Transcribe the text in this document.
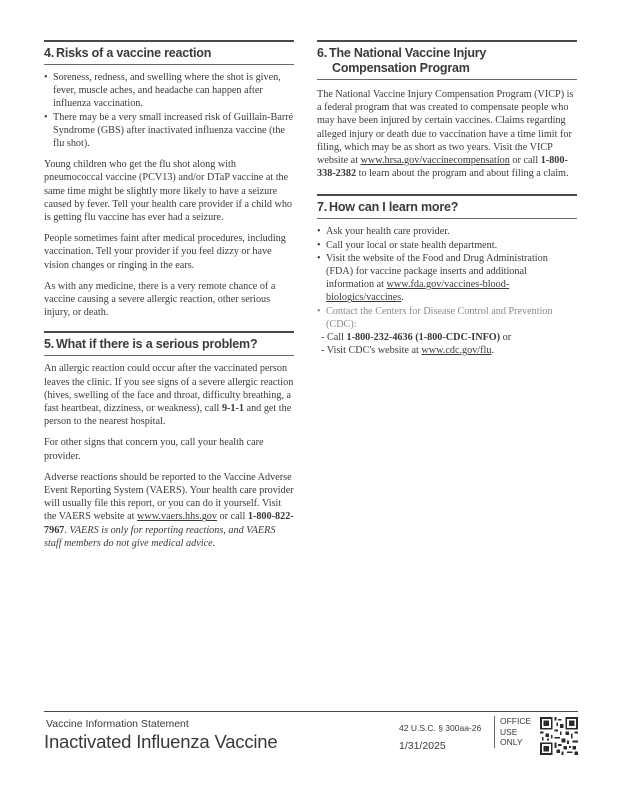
4. Risks of a vaccine reaction
• Soreness, redness, and swelling where the shot is given, fever, muscle aches, and headache can happen after influenza vaccination.
• There may be a very small increased risk of Guillain-Barré Syndrome (GBS) after inactivated influenza vaccine (the flu shot).

Young children who get the flu shot along with pneumococcal vaccine (PCV13) and/or DTaP vaccine at the same time might be slightly more likely to have a seizure caused by fever. Tell your health care provider if a child who is getting flu vaccine has ever had a seizure.

People sometimes faint after medical procedures, including vaccination. Tell your provider if you feel dizzy or have vision changes or ringing in the ears.

As with any medicine, there is a very remote chance of a vaccine causing a severe allergic reaction, other serious injury, or death.

5. What if there is a serious problem?

An allergic reaction could occur after the vaccinated person leaves the clinic. If you see signs of a severe allergic reaction (hives, swelling of the face and throat, difficulty breathing, a fast heartbeat, dizziness, or weakness), call 9-1-1 and get the person to the nearest hospital.

For other signs that concern you, call your health care provider.

Adverse reactions should be reported to the Vaccine Adverse Event Reporting System (VAERS). Your health care provider will usually file this report, or you can do it yourself. Visit the VAERS website at www.vaers.hhs.gov or call 1-800-822-7967. VAERS is only for reporting reactions, and VAERS staff members do not give medical advice.

6. The National Vaccine Injury
Compensation Program

The National Vaccine Injury Compensation Program (VICP) is a federal program that was created to compensate people who may have been injured by certain vaccines. Claims regarding alleged injury or death due to vaccination have a time limit for filing, which may be as short as two years. Visit the VICP website at www.hrsa.gov/vaccinecompensation or call 1-800-338-2382 to learn about the program and about filing a claim.

7. How can I learn more?
• Ask your health care provider.
• Call your local or state health department.
• Visit the website of the Food and Drug Administration (FDA) for vaccine package inserts and additional information at www.fda.gov/vaccines-blood-biologics/vaccines.
• Contact the Centers for Disease Control and Prevention (CDC):
- Call 1-800-232-4636 (1-800-CDC-INFO) or
- Visit CDC's website at www.cdc.gov/flu.
Vaccine Information Statement
Inactivated Influenza Vaccine
42 U.S.C. § 300aa-26
1/31/2025
OFFICE
USE
ONLY
